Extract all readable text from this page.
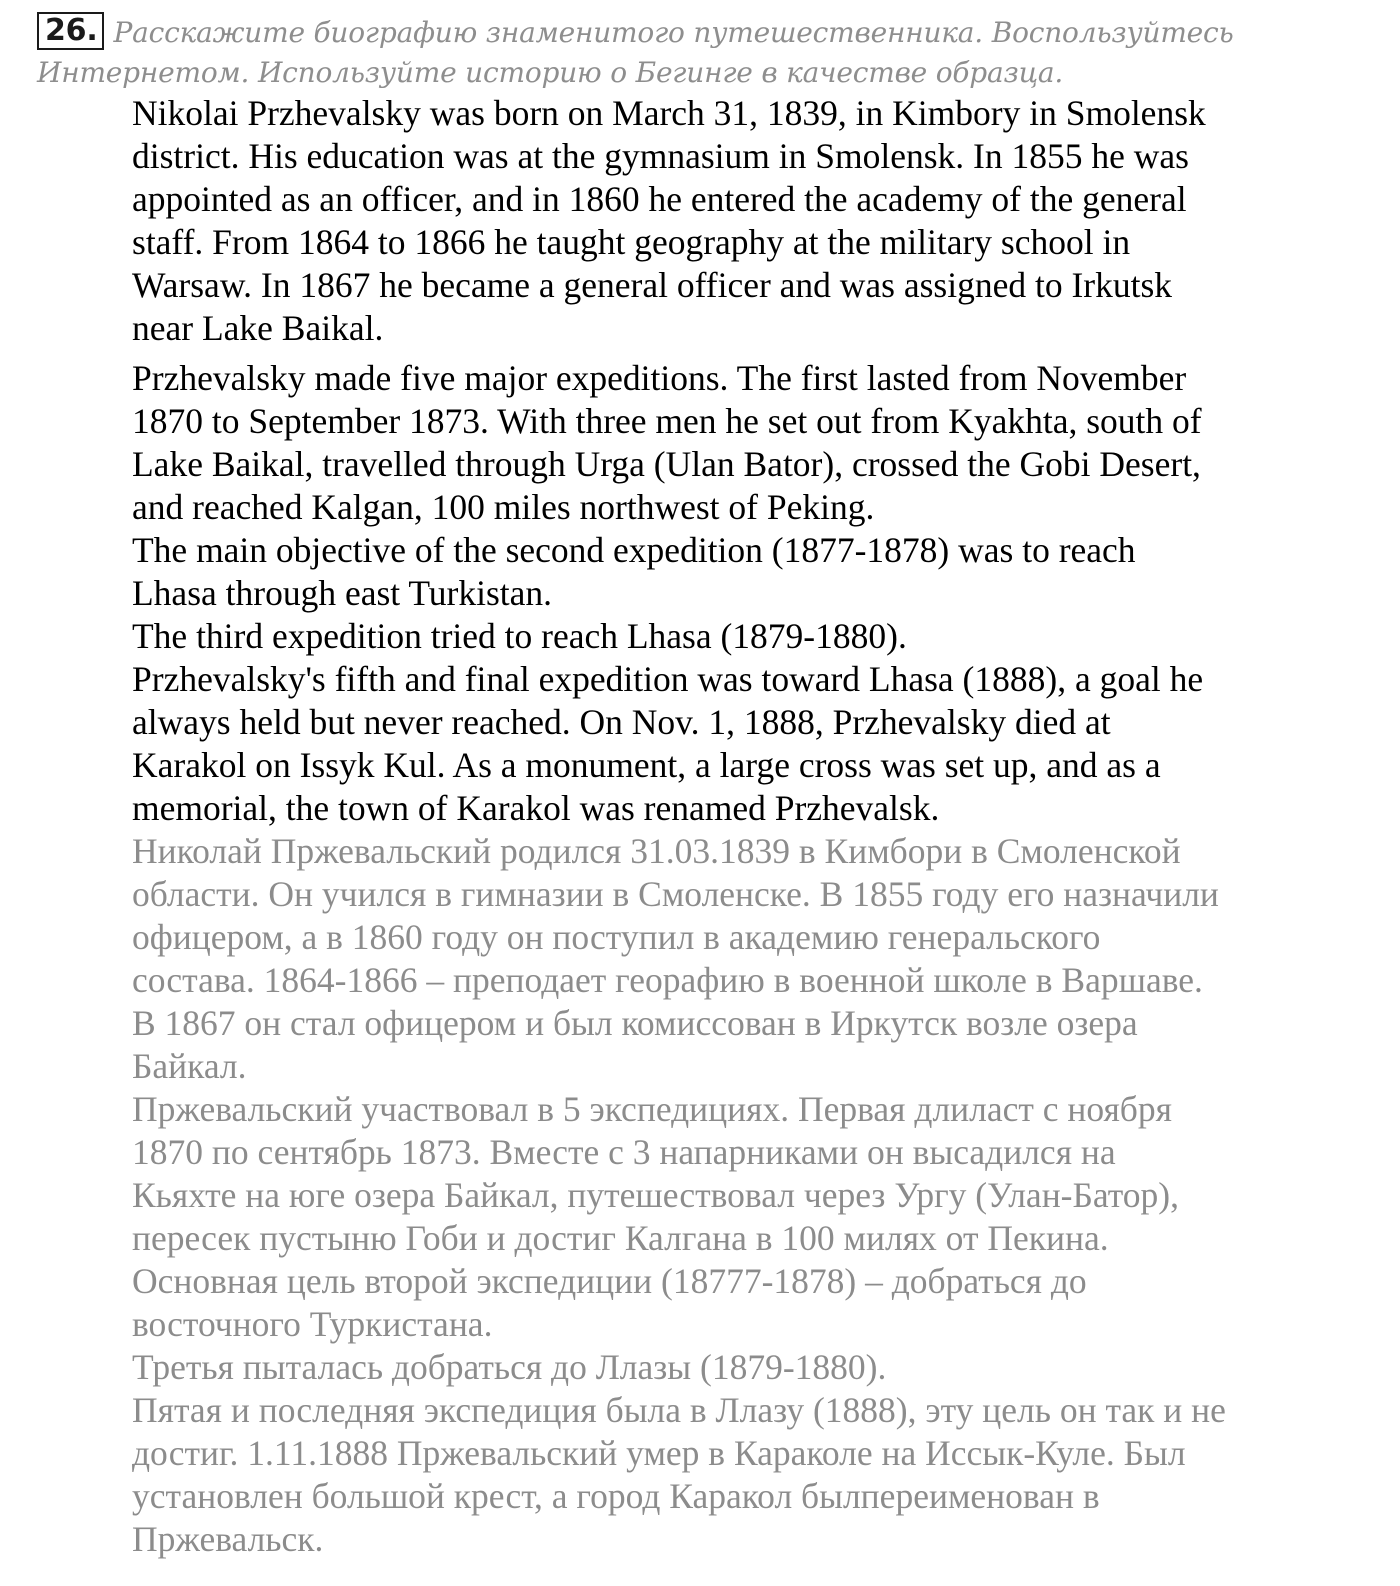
26. Расскажите биографию знаменитого путешественника. Воспользуйтесь
Интернетом. Используйте историю о Бегинге в качестве образца.

Nikolai Przhevalsky was born on March 31, 1839, in Kimbory in Smolensk

district. His education was at the gymnasium in Smolensk. In 1855 he was

appointed as an officer, and in 1860 he entered the academy of the general

staff. From 1864 to 1866 he taught geography at the military school in

Warsaw. In 1867 he became a general officer and was assigned to Irkutsk

near Lake Baikal.

Przhevalsky made five major expeditions. The first lasted from November

1870 to September 1873. With three men he set out from Kyakhta, south of

Lake Baikal, travelled through Urga (Ulan Bator), crossed the Gobi Desert,

and reached Kalgan, 100 miles northwest of Peking.

The main objective of the second expedition (1877-1878) was to reach

Lhasa through east Turkistan.

The third expedition tried to reach Lhasa (1879-1880).

Przhevalsky's fifth and final expedition was toward Lhasa (1888), a goal he

always held but never reached. On Nov. 1, 1888, Przhevalsky died at

Karakol on Issyk Kul. As a monument, a large cross was set up, and as a

memorial, the town of Karakol was renamed Przhevalsk.

Николай Пржевальский родился 31.03.1839 в Кимбори в Смоленской

области. Он учился в гимназии в Смоленске. В 1855 году его назначили

офицером, а в 1860 году он поступил в академию генеральского

состава. 1864-1866 – преподает георафию в военной школе в Варшаве.

В 1867 он стал офицером и был комиссован в Иркутск возле озера

Байкал.

Пржевальский участвовал в 5 экспедициях. Первая длиласт с ноября

1870 по сентябрь 1873. Вместе с 3 напарниками он высадился на

Кьяхте на юге озера Байкал, путешествовал через Ургу (Улан-Батор),

пересек пустыню Гоби и достиг Калгана в 100 милях от Пекина.

Основная цель второй экспедиции (18777-1878) – добраться до

восточного Туркистана.

Третья пыталась добраться до Ллазы (1879-1880).

Пятая и последняя экспедиция была в Ллазу (1888), эту цель он так и не

достиг. 1.11.1888 Пржевальский умер в Караколе на Иссык-Куле. Был

установлен большой крест, а город Каракол былпереименован в

Пржевальск.
